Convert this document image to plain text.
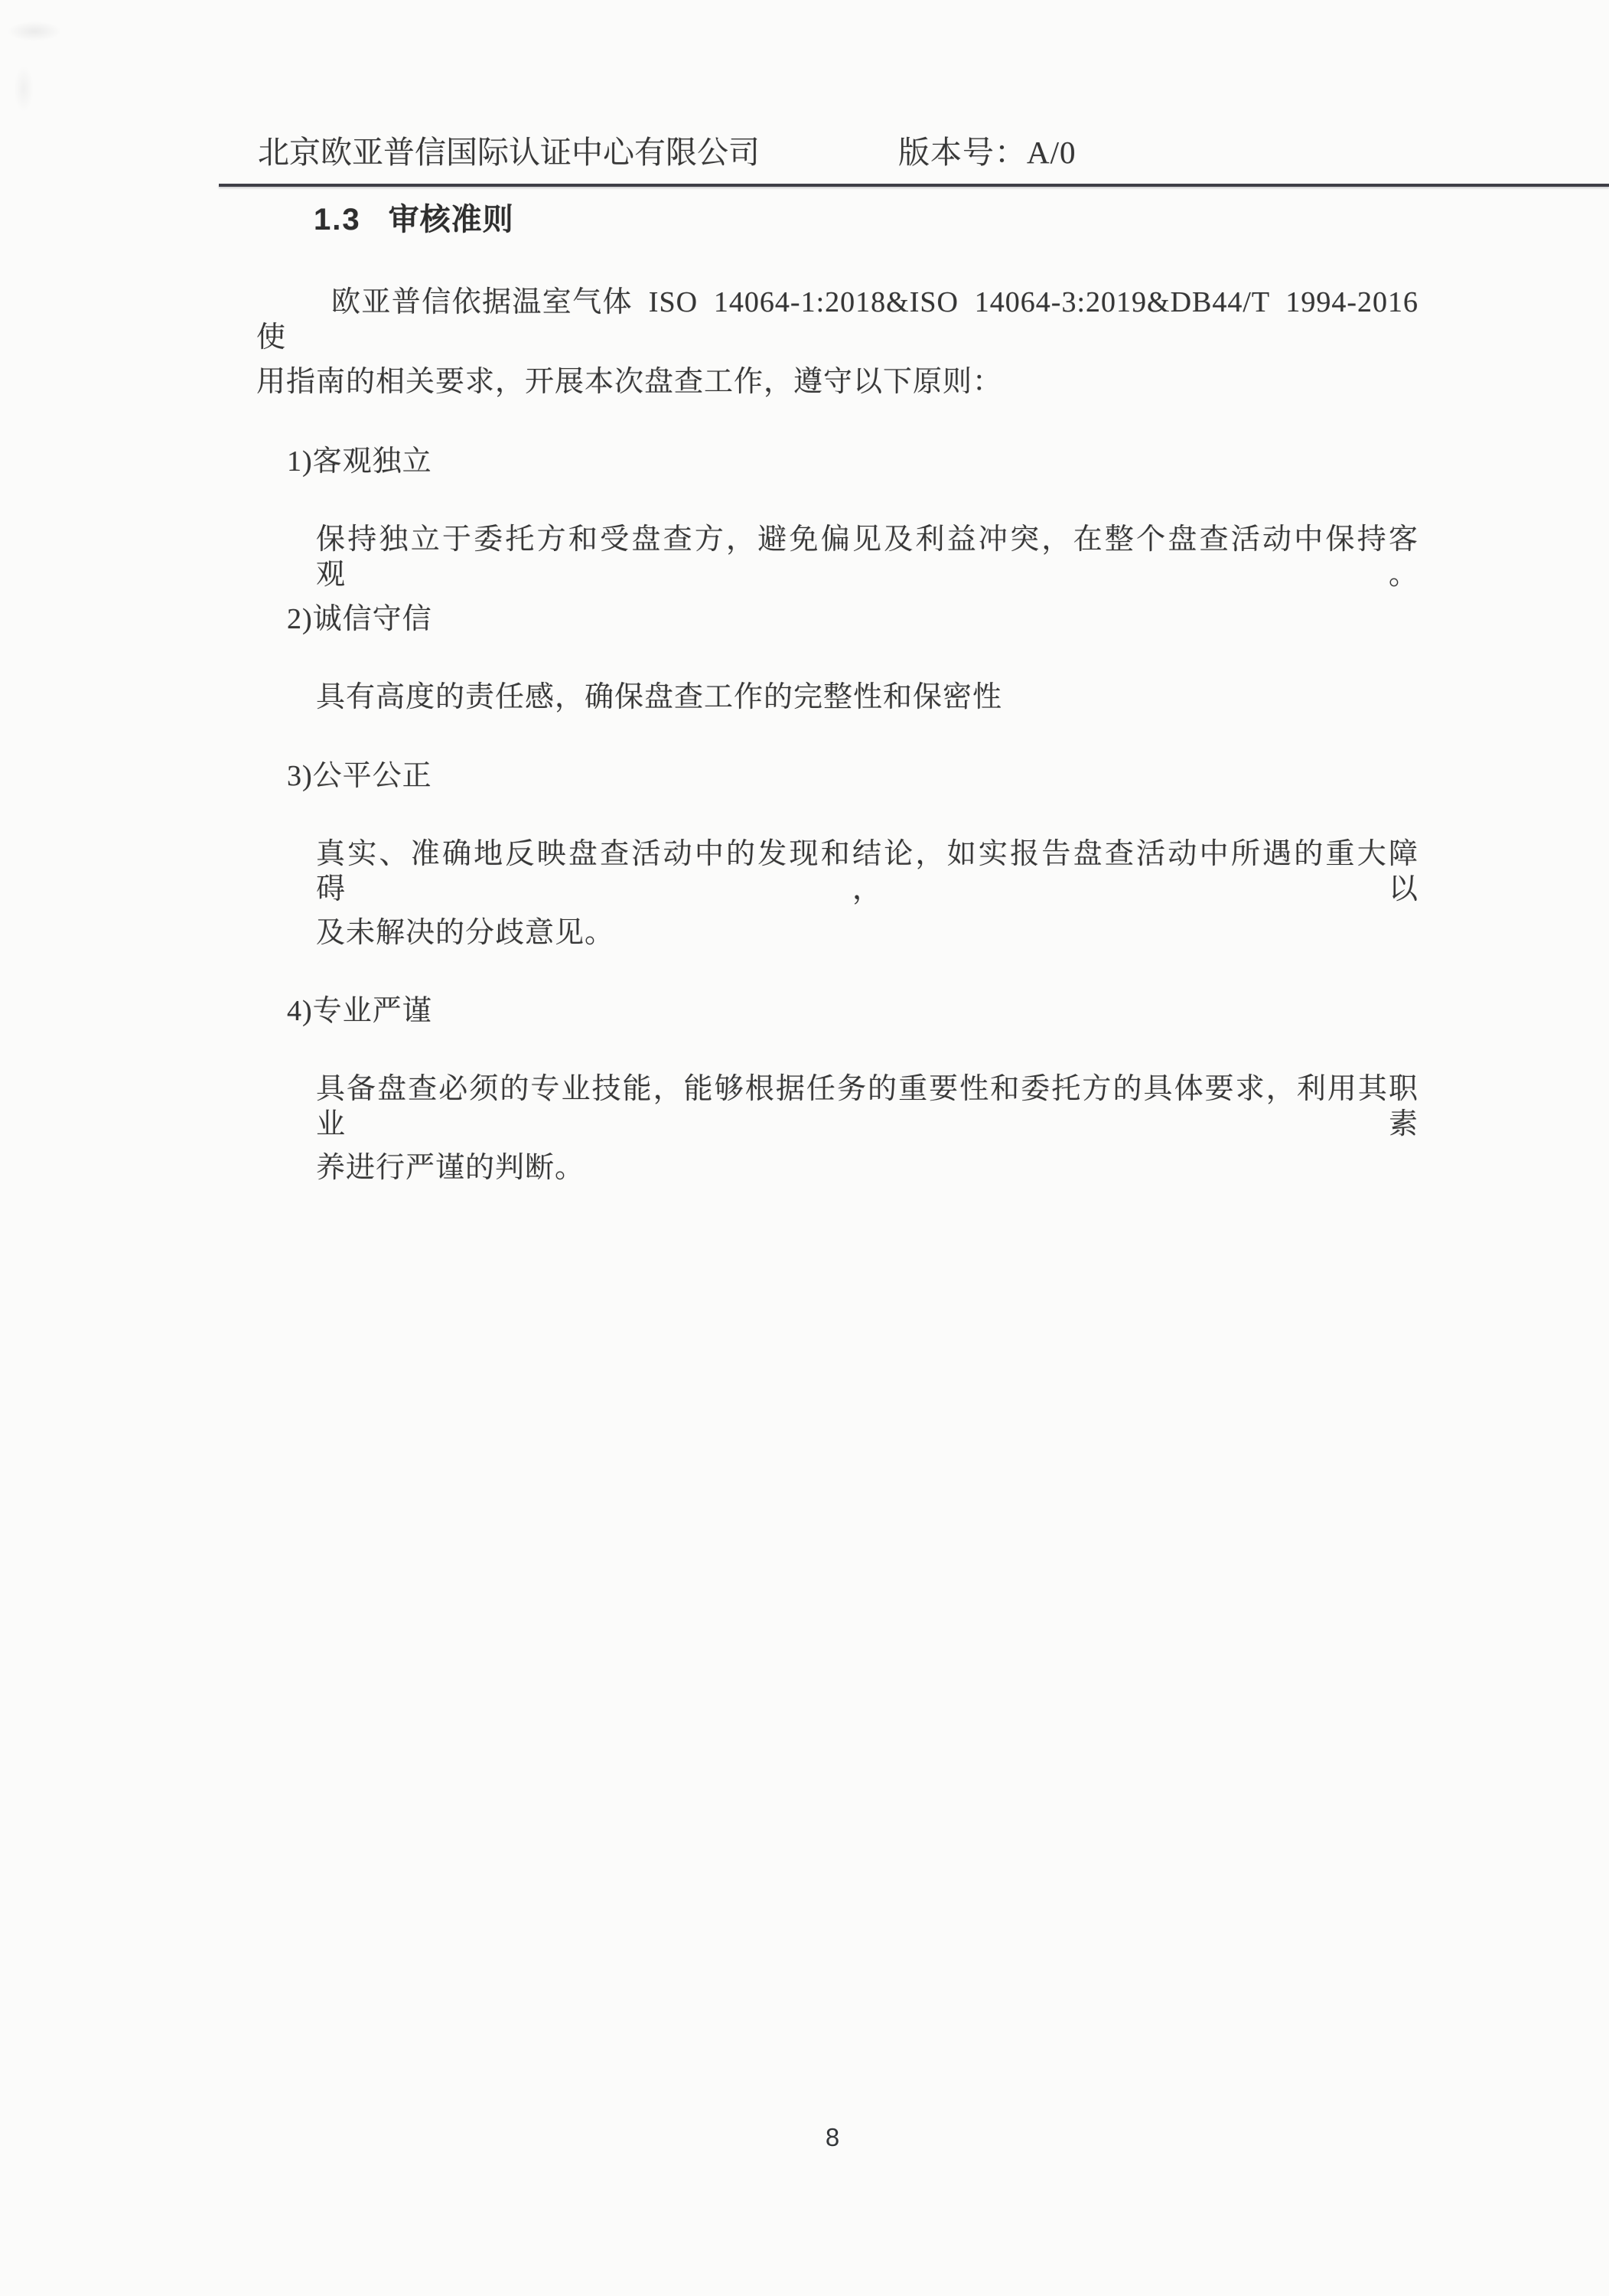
北京欧亚普信国际认证中心有限公司	版本号：A/0
1.3 审核准则
欧亚普信依据温室气体 ISO 14064-1:2018&ISO 14064-3:2019&DB44/T 1994-2016 使
用指南的相关要求，开展本次盘查工作，遵守以下原则：
1)客观独立
保持独立于委托方和受盘查方，避免偏见及利益冲突，在整个盘查活动中保持客观。
2)诚信守信
具有高度的责任感，确保盘查工作的完整性和保密性
3)公平公正
真实、准确地反映盘查活动中的发现和结论，如实报告盘查活动中所遇的重大障碍，以
及未解决的分歧意见。
4)专业严谨
具备盘查必须的专业技能，能够根据任务的重要性和委托方的具体要求，利用其职业素
养进行严谨的判断。
8
